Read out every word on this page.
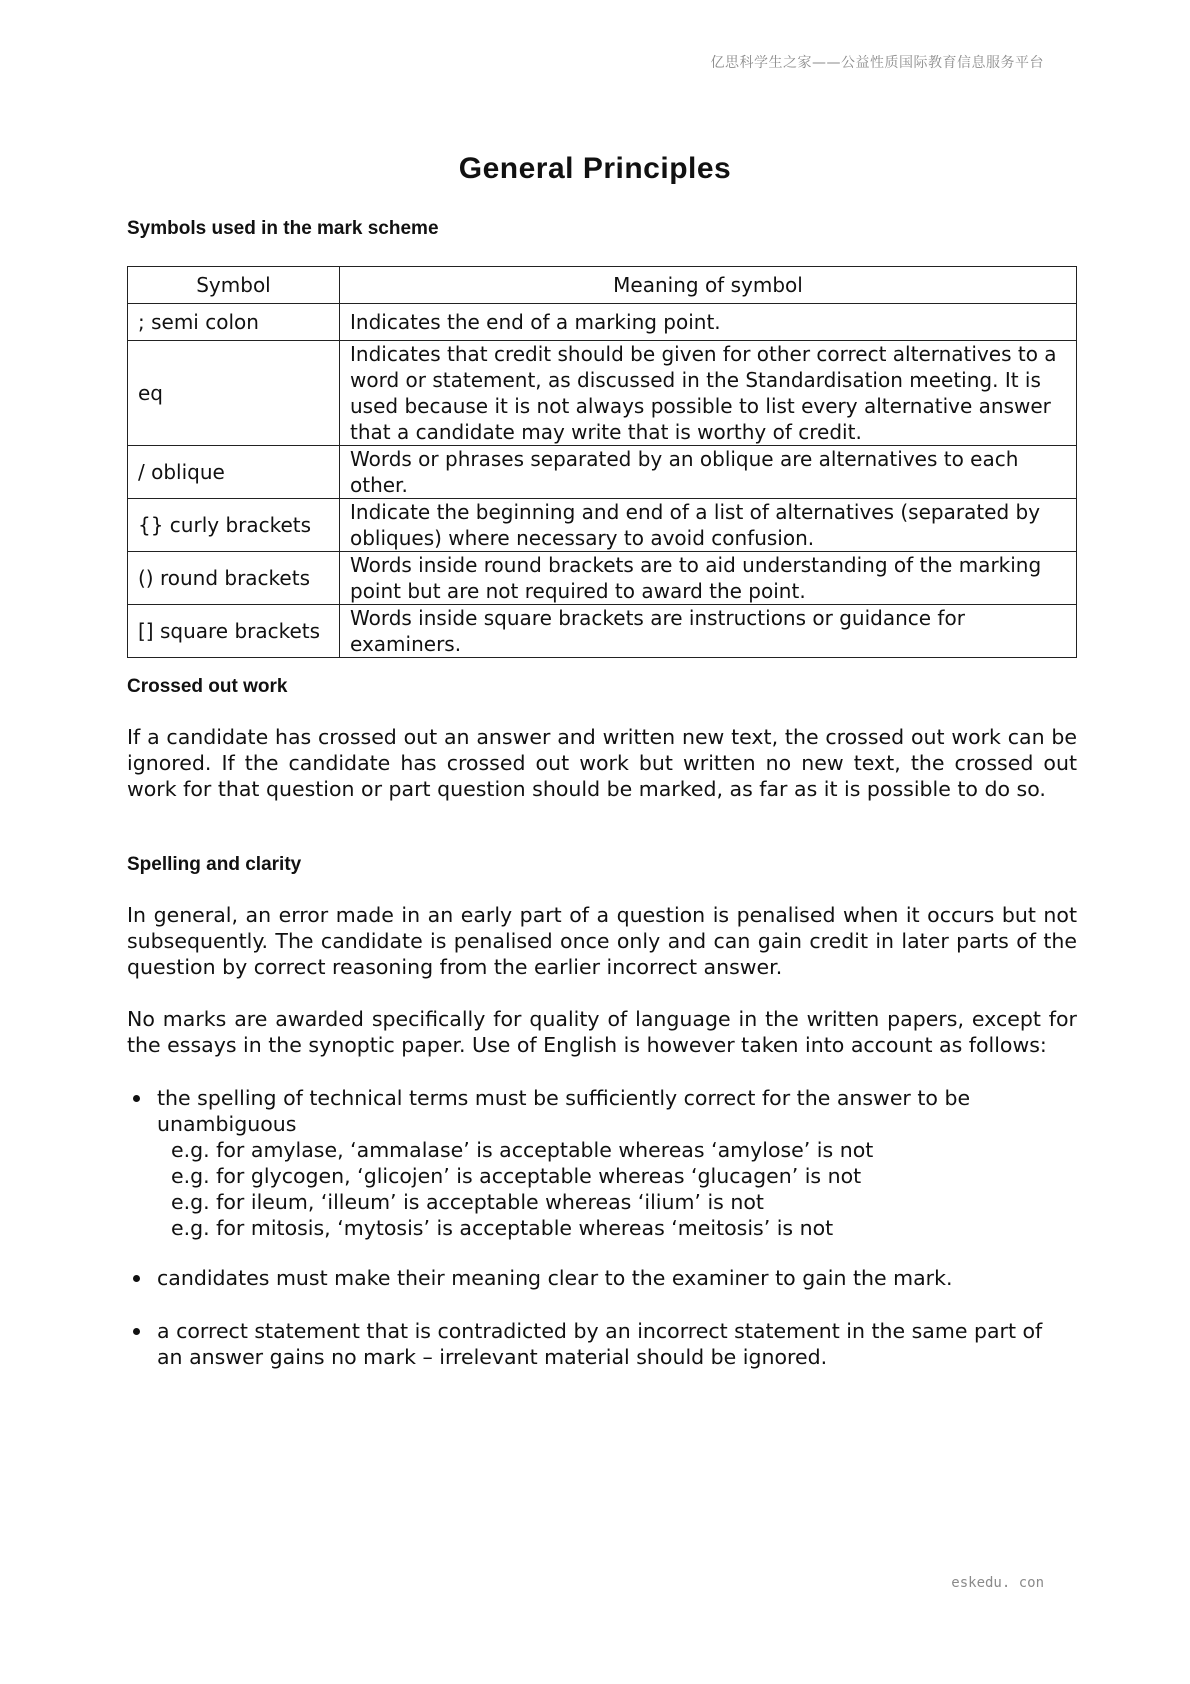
亿思科学生之家——公益性质国际教育信息服务平台
General Principles
Symbols used in the mark scheme
Symbol	Meaning of symbol
; semi colon	Indicates the end of a marking point.
eq	Indicates that credit should be given for other correct alternatives to a word or statement, as discussed in the Standardisation meeting. It is used because it is not always possible to list every alternative answer that a candidate may write that is worthy of credit.
/ oblique	Words or phrases separated by an oblique are alternatives to each other.
{} curly brackets	Indicate the beginning and end of a list of alternatives (separated by obliques) where necessary to avoid confusion.
() round brackets	Words inside round brackets are to aid understanding of the marking point but are not required to award the point.
[] square brackets	Words inside square brackets are instructions or guidance for examiners.
Crossed out work
If a candidate has crossed out an answer and written new text, the crossed out work can be ignored. If the candidate has crossed out work but written no new text, the crossed out work for that question or part question should be marked, as far as it is possible to do so.
Spelling and clarity
In general, an error made in an early part of a question is penalised when it occurs but not subsequently. The candidate is penalised once only and can gain credit in later parts of the question by correct reasoning from the earlier incorrect answer.
No marks are awarded specifically for quality of language in the written papers, except for the essays in the synoptic paper. Use of English is however taken into account as follows:
the spelling of technical terms must be sufficiently correct for the answer to be unambiguous
e.g. for amylase, ‘ammalase’ is acceptable whereas ‘amylose’ is not
e.g. for glycogen, ‘glicojen’ is acceptable whereas ‘glucagen’ is not
e.g. for ileum, ‘illeum’ is acceptable whereas ‘ilium’ is not
e.g. for mitosis, ‘mytosis’ is acceptable whereas ‘meitosis’ is not
candidates must make their meaning clear to the examiner to gain the mark.
a correct statement that is contradicted by an incorrect statement in the same part of an answer gains no mark – irrelevant material should be ignored.
eskedu. con
